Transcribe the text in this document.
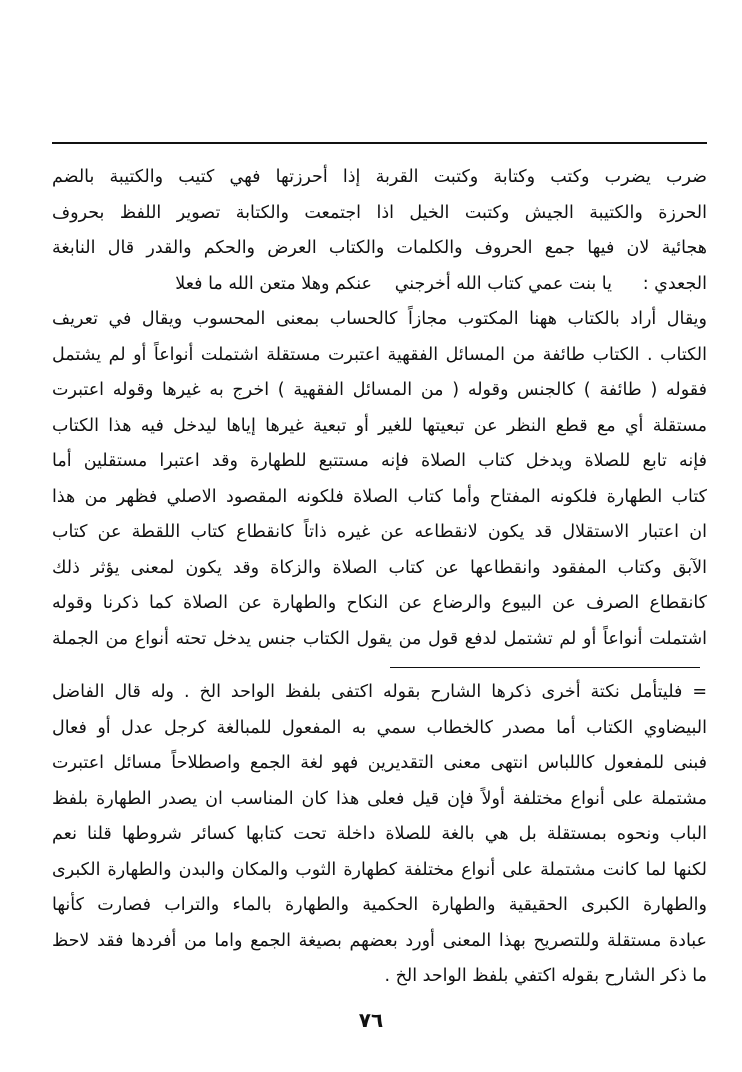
ضرب يضرب وكتب وكتابة وكتبت القربة إذا أحرزتها فهي كتيب والكتيبة بالضم
الحرزة والكتيبة الجيش وكتبت الخيل اذا اجتمعت والكتابة تصوير اللفظ بحروف
هجائية لان فيها جمع الحروف والكلمات والكتاب العرض والحكم والقدر قال النابغة
الجعدي :
يا بنت عمي كتاب الله أخرجني
عنكم وهلا متعن الله ما فعلا
ويقال أراد بالكتاب ههنا المكتوب مجازاً كالحساب بمعنى المحسوب ويقال في تعريف
الكتاب . الكتاب طائفة من المسائل الفقهية اعتبرت مستقلة اشتملت أنواعاً أو لم يشتمل
فقوله ( طائفة ) كالجنس وقوله ( من المسائل الفقهية ) اخرج به غيرها وقوله اعتبرت
مستقلة أي مع قطع النظر عن تبعيتها للغير أو تبعية غيرها إياها ليدخل فيه هذا الكتاب
فإنه تابع للصلاة ويدخل كتاب الصلاة فإنه مستتبع للطهارة وقد اعتبرا مستقلين أما
كتاب الطهارة فلكونه المفتاح وأما كتاب الصلاة فلكونه المقصود الاصلي فظهر من هذا
ان اعتبار الاستقلال قد يكون لانقطاعه عن غيره ذاتاً كانقطاع كتاب اللقطة عن كتاب
الآبق وكتاب المفقود وانقطاعها عن كتاب الصلاة والزكاة وقد يكون لمعنى يؤثر ذلك
كانقطاع الصرف عن البيوع والرضاع عن النكاح والطهارة عن الصلاة كما ذكرنا وقوله
اشتملت أنواعاً أو لم تشتمل لدفع قول من يقول الكتاب جنس يدخل تحته أنواع من الجملة
= فليتأمل نكتة أخرى ذكرها الشارح بقوله اكتفى بلفظ الواحد الخ . وله قال الفاضل
البيضاوي الكتاب أما مصدر كالخطاب سمي به المفعول للمبالغة كرجل عدل أو فعال
فبنى للمفعول كاللباس انتهى معنى التقديرين فهو لغة الجمع واصطلاحاً مسائل اعتبرت
مشتملة على أنواع مختلفة أولاً فإن قيل فعلى هذا كان المناسب ان يصدر الطهارة بلفظ
الباب ونحوه بمستقلة بل هي بالغة للصلاة داخلة تحت كتابها كسائر شروطها قلنا نعم
لكنها لما كانت مشتملة على أنواع مختلفة كطهارة الثوب والمكان والبدن والطهارة الكبرى
والطهارة الكبرى الحقيقية والطهارة الحكمية والطهارة بالماء والتراب فصارت كأنها
عبادة مستقلة وللتصريح بهذا المعنى أورد بعضهم بصيغة الجمع واما من أفردها فقد لاحظ
ما ذكر الشارح بقوله اكتفي بلفظ الواحد الخ .
٧٦
